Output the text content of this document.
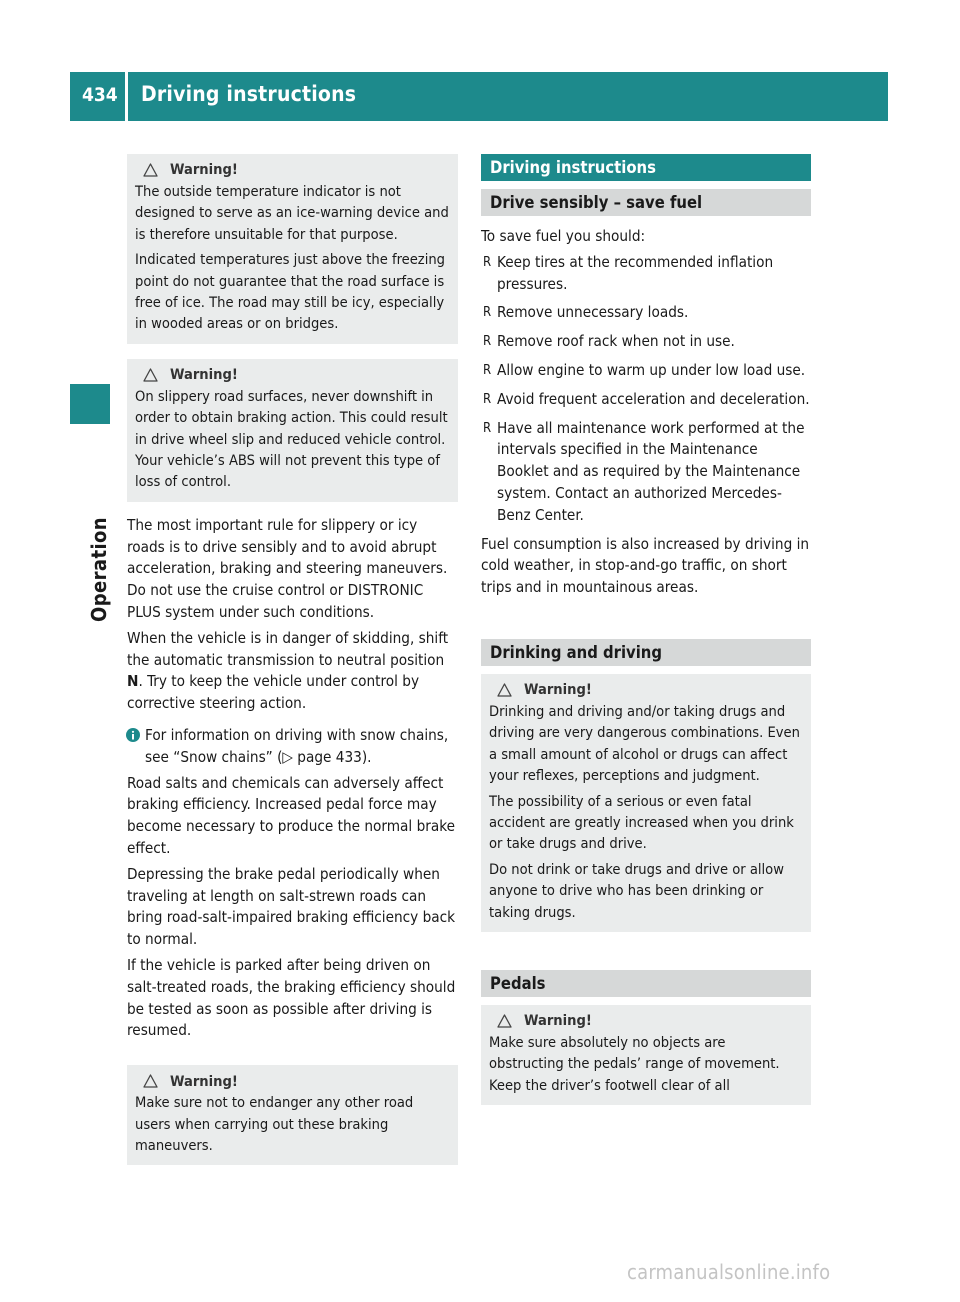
434 Driving instructions
Operation
Warning!

The outside temperature indicator is not designed to serve as an ice-warning device and is therefore unsuitable for that purpose.

Indicated temperatures just above the freezing point do not guarantee that the road surface is free of ice. The road may still be icy, especially in wooded areas or on bridges.

Warning!

On slippery road surfaces, never downshift in order to obtain braking action. This could result in drive wheel slip and reduced vehicle control. Your vehicle’s ABS will not prevent this type of loss of control.

The most important rule for slippery or icy roads is to drive sensibly and to avoid abrupt acceleration, braking and steering maneuvers. Do not use the cruise control or DISTRONIC PLUS system under such conditions.

When the vehicle is in danger of skidding, shift the automatic transmission to neutral position N. Try to keep the vehicle under control by corrective steering action.

For information on driving with snow chains, see “Snow chains” (▷ page 433).

Road salts and chemicals can adversely affect braking efficiency. Increased pedal force may become necessary to produce the normal brake effect.

Depressing the brake pedal periodically when traveling at length on salt-strewn roads can bring road-salt-impaired braking efficiency back to normal.

If the vehicle is parked after being driven on salt-treated roads, the braking efficiency should be tested as soon as possible after driving is resumed.

Warning!

Make sure not to endanger any other road users when carrying out these braking maneuvers.

Driving instructions
Drive sensibly – save fuel

To save fuel you should:

R Keep tires at the recommended inflation pressures.
R Remove unnecessary loads.
R Remove roof rack when not in use.
R Allow engine to warm up under low load use.
R Avoid frequent acceleration and deceleration.
R Have all maintenance work performed at the intervals specified in the Maintenance Booklet and as required by the Maintenance system. Contact an authorized Mercedes-Benz Center.

Fuel consumption is also increased by driving in cold weather, in stop-and-go traffic, on short trips and in mountainous areas.

Drinking and driving
Warning!

Drinking and driving and/or taking drugs and driving are very dangerous combinations. Even a small amount of alcohol or drugs can affect your reflexes, perceptions and judgment.

The possibility of a serious or even fatal accident are greatly increased when you drink or take drugs and drive.

Do not drink or take drugs and drive or allow anyone to drive who has been drinking or taking drugs.

Pedals
Warning!

Make sure absolutely no objects are obstructing the pedals’ range of movement. Keep the driver’s footwell clear of all

carmanualsonline.info
